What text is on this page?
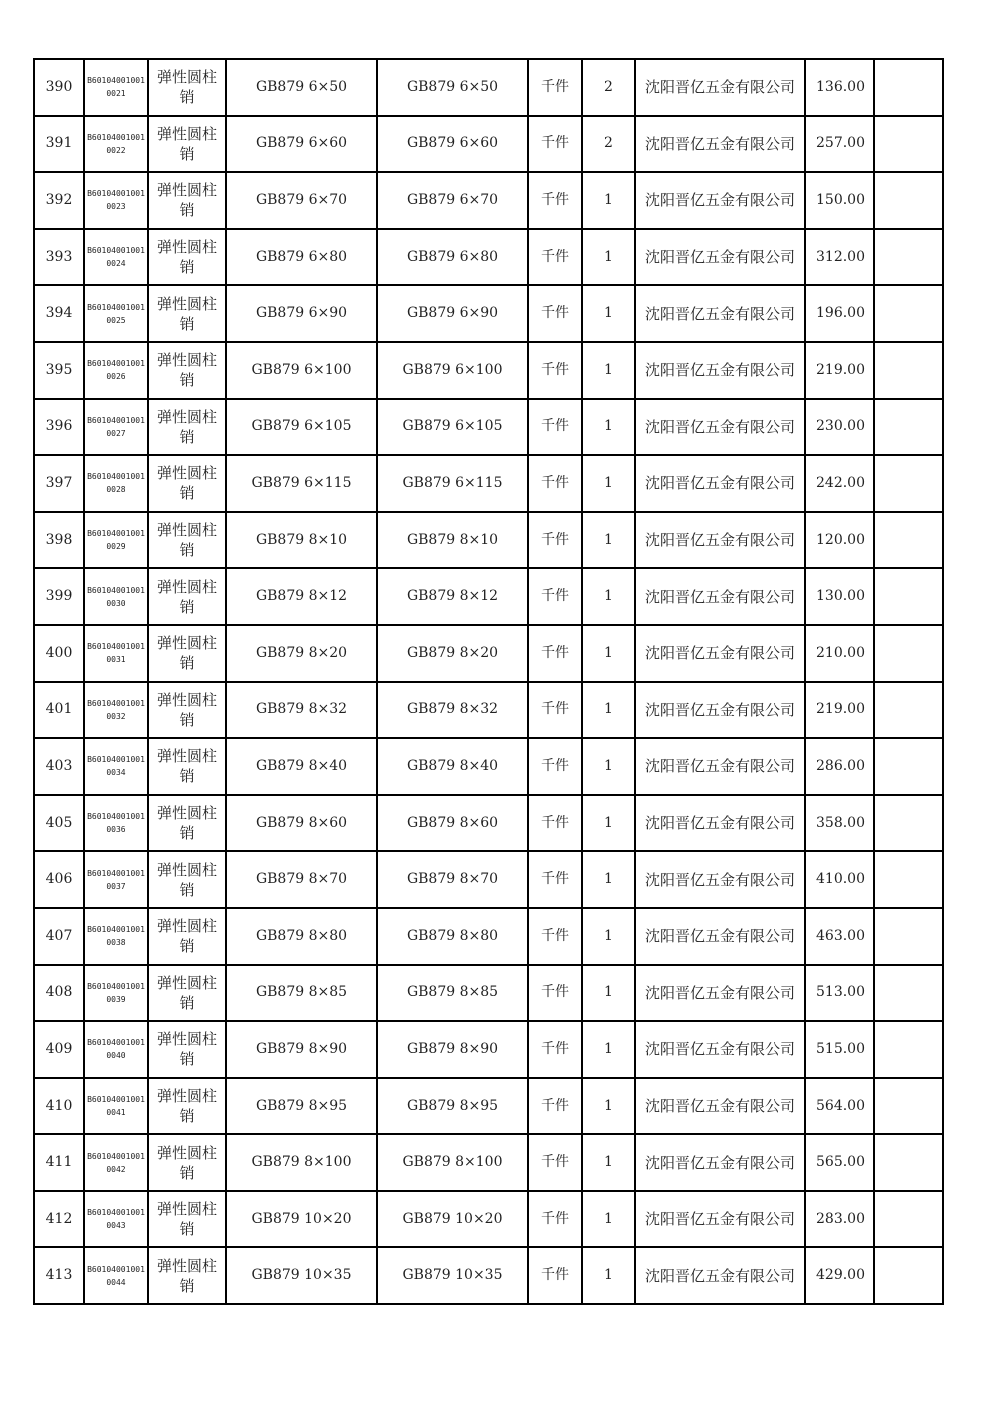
390	B601040010010021	弹性圆柱销	GB879 6×50	GB879 6×50	千件	2	沈阳晋亿五金有限公司	136.00	
391	B601040010010022	弹性圆柱销	GB879 6×60	GB879 6×60	千件	2	沈阳晋亿五金有限公司	257.00	
392	B601040010010023	弹性圆柱销	GB879 6×70	GB879 6×70	千件	1	沈阳晋亿五金有限公司	150.00	
393	B601040010010024	弹性圆柱销	GB879 6×80	GB879 6×80	千件	1	沈阳晋亿五金有限公司	312.00	
394	B601040010010025	弹性圆柱销	GB879 6×90	GB879 6×90	千件	1	沈阳晋亿五金有限公司	196.00	
395	B601040010010026	弹性圆柱销	GB879 6×100	GB879 6×100	千件	1	沈阳晋亿五金有限公司	219.00	
396	B601040010010027	弹性圆柱销	GB879 6×105	GB879 6×105	千件	1	沈阳晋亿五金有限公司	230.00	
397	B601040010010028	弹性圆柱销	GB879 6×115	GB879 6×115	千件	1	沈阳晋亿五金有限公司	242.00	
398	B601040010010029	弹性圆柱销	GB879 8×10	GB879 8×10	千件	1	沈阳晋亿五金有限公司	120.00	
399	B601040010010030	弹性圆柱销	GB879 8×12	GB879 8×12	千件	1	沈阳晋亿五金有限公司	130.00	
400	B601040010010031	弹性圆柱销	GB879 8×20	GB879 8×20	千件	1	沈阳晋亿五金有限公司	210.00	
401	B601040010010032	弹性圆柱销	GB879 8×32	GB879 8×32	千件	1	沈阳晋亿五金有限公司	219.00	
403	B601040010010034	弹性圆柱销	GB879 8×40	GB879 8×40	千件	1	沈阳晋亿五金有限公司	286.00	
405	B601040010010036	弹性圆柱销	GB879 8×60	GB879 8×60	千件	1	沈阳晋亿五金有限公司	358.00	
406	B601040010010037	弹性圆柱销	GB879 8×70	GB879 8×70	千件	1	沈阳晋亿五金有限公司	410.00	
407	B601040010010038	弹性圆柱销	GB879 8×80	GB879 8×80	千件	1	沈阳晋亿五金有限公司	463.00	
408	B601040010010039	弹性圆柱销	GB879 8×85	GB879 8×85	千件	1	沈阳晋亿五金有限公司	513.00	
409	B601040010010040	弹性圆柱销	GB879 8×90	GB879 8×90	千件	1	沈阳晋亿五金有限公司	515.00	
410	B601040010010041	弹性圆柱销	GB879 8×95	GB879 8×95	千件	1	沈阳晋亿五金有限公司	564.00	
411	B601040010010042	弹性圆柱销	GB879 8×100	GB879 8×100	千件	1	沈阳晋亿五金有限公司	565.00	
412	B601040010010043	弹性圆柱销	GB879 10×20	GB879 10×20	千件	1	沈阳晋亿五金有限公司	283.00	
413	B601040010010044	弹性圆柱销	GB879 10×35	GB879 10×35	千件	1	沈阳晋亿五金有限公司	429.00	
